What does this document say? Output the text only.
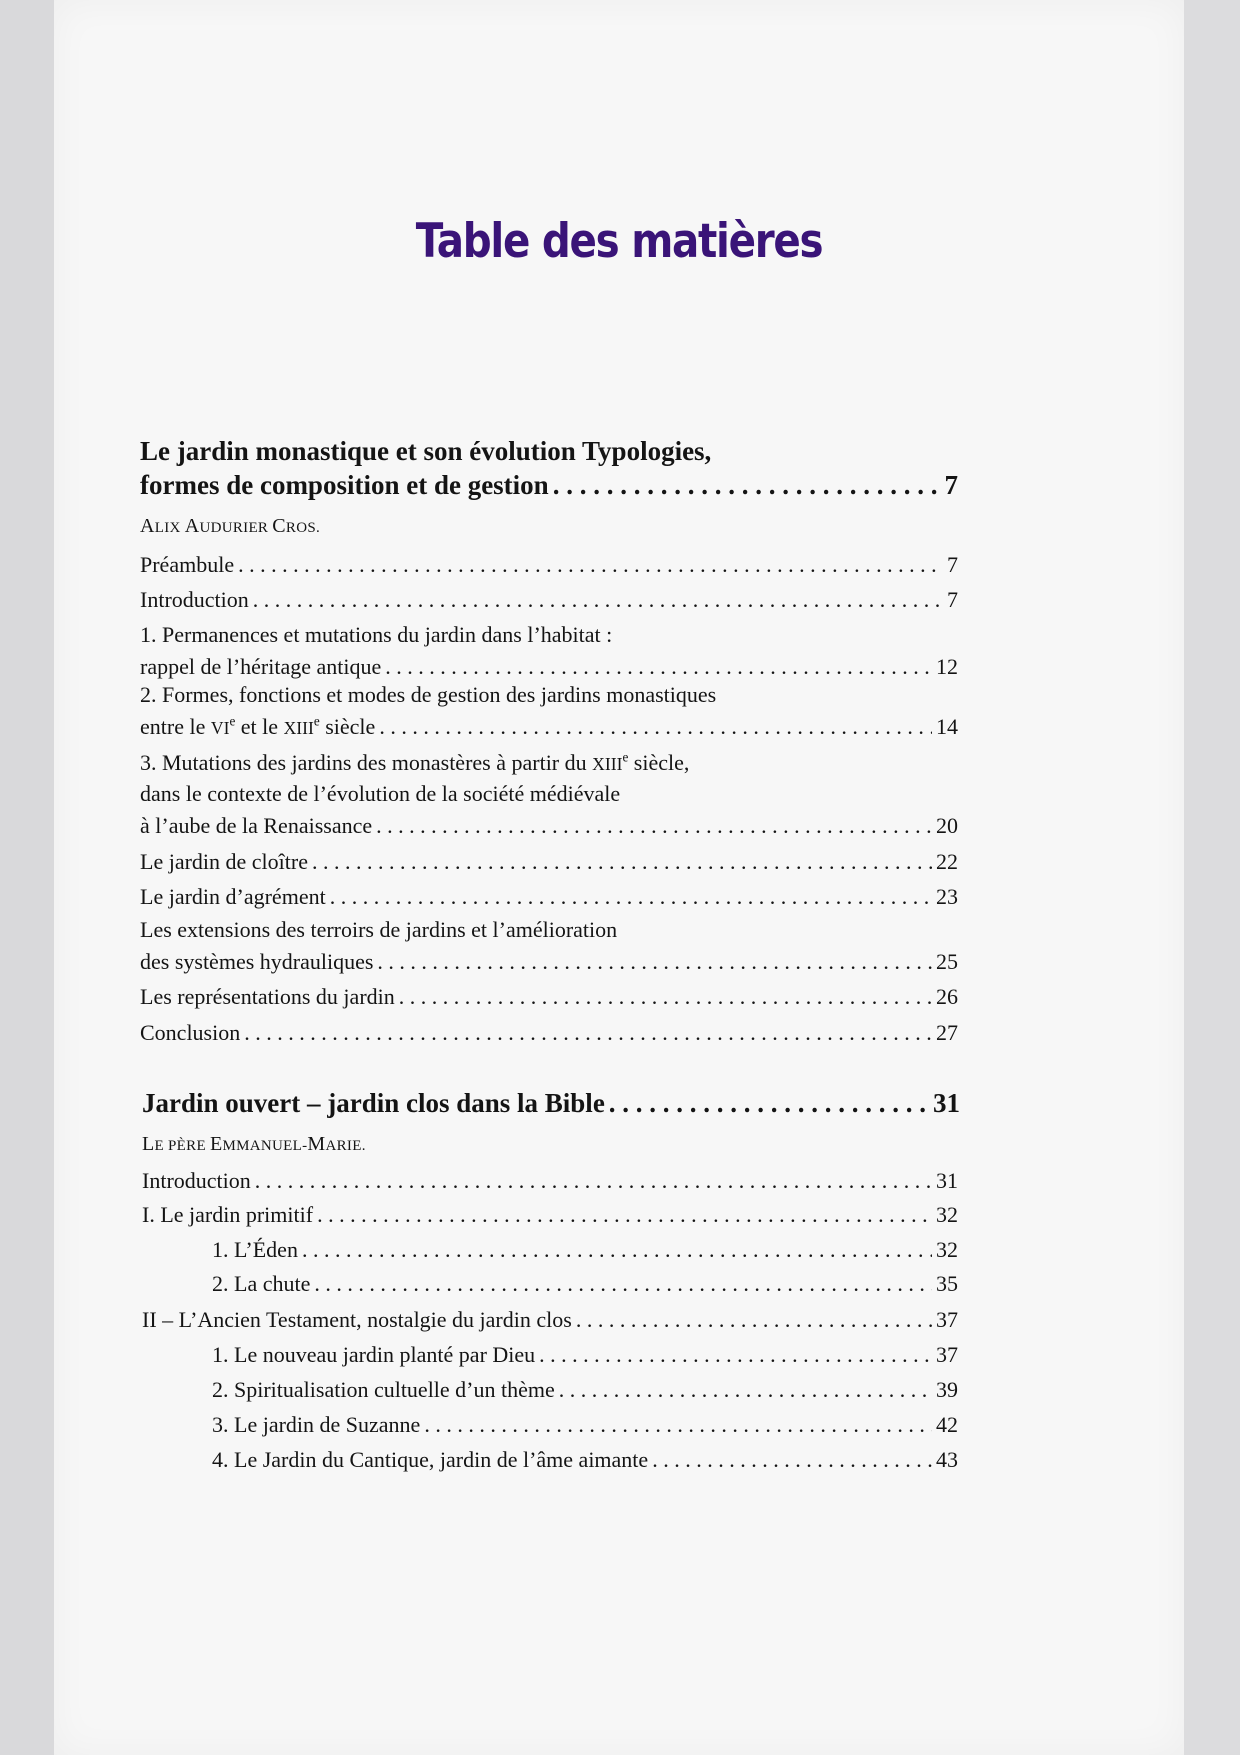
Table des matières
Le jardin monastique et son évolution Typologies,
formes de composition et de gestion . . .	7
ALIX AUDURIER CROS.
Préambule . . .	7
Introduction . . .	7
1. Permanences et mutations du jardin dans l’habitat :
rappel de l’héritage antique . . .	12
2. Formes, fonctions et modes de gestion des jardins monastiques
entre le VIe et le XIIIe siècle . . .	14
3. Mutations des jardins des monastères à partir du XIIIe siècle,
dans le contexte de l’évolution de la société médiévale
à l’aube de la Renaissance . . .	20
Le jardin de cloître . . .	22
Le jardin d’agrément . . .	23
Les extensions des terroirs de jardins et l’amélioration
des systèmes hydrauliques . . .	25
Les représentations du jardin . . .	26
Conclusion . . .	27
Jardin ouvert – jardin clos dans la Bible . . .	31
LE PÈRE EMMANUEL-MARIE.
Introduction . . .	31
I. Le jardin primitif . . .	32
1. L’Éden . . .	32
2. La chute . . .	35
II – L’Ancien Testament, nostalgie du jardin clos . . .	37
1. Le nouveau jardin planté par Dieu . . .	37
2. Spiritualisation cultuelle d’un thème . . .	39
3. Le jardin de Suzanne . . .	42
4. Le Jardin du Cantique, jardin de l’âme aimante . . .	43
